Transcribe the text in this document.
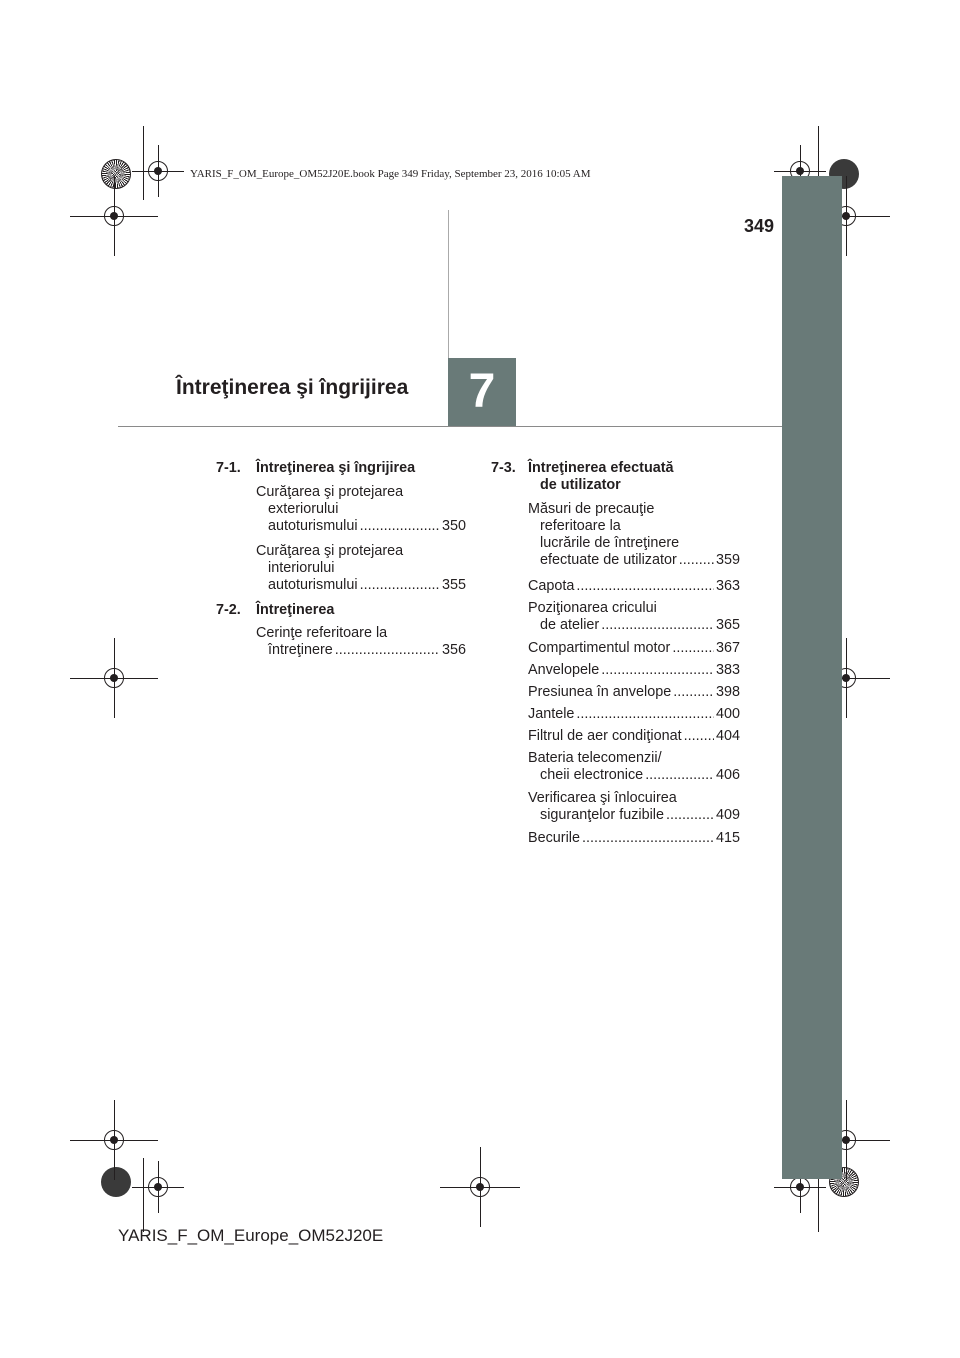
YARIS_F_OM_Europe_OM52J20E.book Page 349 Friday, September 23, 2016 10:05 AM
349
7
Întreţinerea şi îngrijirea
7-1. Întreţinerea şi îngrijirea
Curăţarea şi protejarea
exteriorului
autoturismului .....	350
Curăţarea şi protejarea
interiorului
autoturismului .....	355
7-2. Întreţinerea
Cerinţe referitoare la
întreţinere .....	356
7-3. Întreţinerea efectuată
de utilizator
Măsuri de precauţie
referitoare la
lucrările de întreţinere
efectuate de utilizator .....	359
Capota .....	363
Poziţionarea cricului
de atelier .....	365
Compartimentul motor .....	367
Anvelopele .....	383
Presiunea în anvelope .....	398
Jantele .....	400
Filtrul de aer condiţionat ..... 404
Bateria telecomenzii/
cheii electronice .....	406
Verificarea şi înlocuirea
siguranţelor fuzibile .....	409
Becurile .....	415
YARIS_F_OM_Europe_OM52J20E
